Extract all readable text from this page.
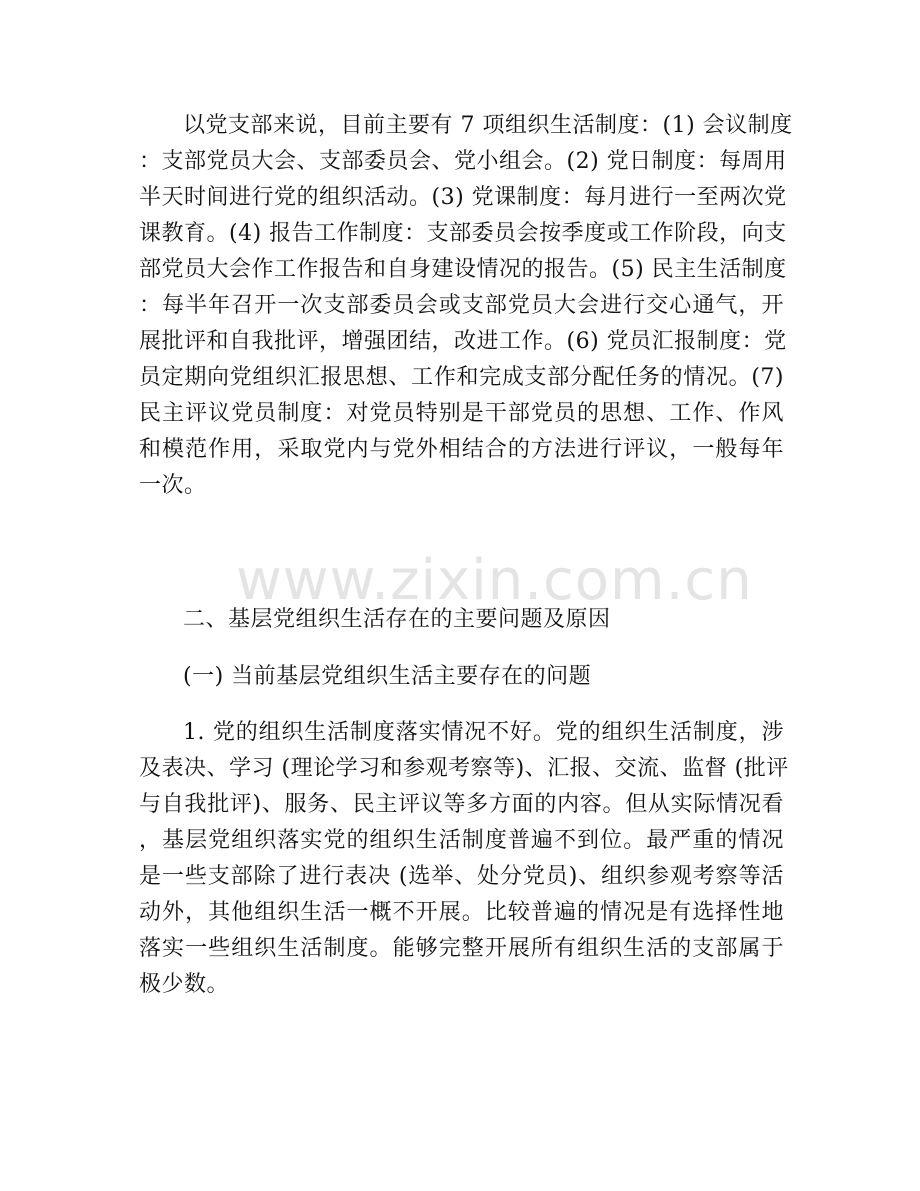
www.zixin.com.cn
以党支部来说，目前主要有 7 项组织生活制度：(1) 会议制度
：支部党员大会、支部委员会、党小组会。(2) 党日制度：每周用
半天时间进行党的组织活动。(3) 党课制度：每月进行一至两次党
课教育。(4) 报告工作制度：支部委员会按季度或工作阶段，向支
部党员大会作工作报告和自身建设情况的报告。(5) 民主生活制度
：每半年召开一次支部委员会或支部党员大会进行交心通气，开
展批评和自我批评，增强团结，改进工作。(6) 党员汇报制度：党
员定期向党组织汇报思想、工作和完成支部分配任务的情况。(7)
民主评议党员制度：对党员特别是干部党员的思想、工作、作风
和模范作用，采取党内与党外相结合的方法进行评议，一般每年
一次。
二、基层党组织生活存在的主要问题及原因
(一) 当前基层党组织生活主要存在的问题
1. 党的组织生活制度落实情况不好。党的组织生活制度，涉
及表决、学习 (理论学习和参观考察等)、汇报、交流、监督 (批评
与自我批评)、服务、民主评议等多方面的内容。但从实际情况看
，基层党组织落实党的组织生活制度普遍不到位。最严重的情况
是一些支部除了进行表决 (选举、处分党员)、组织参观考察等活
动外，其他组织生活一概不开展。比较普遍的情况是有选择性地
落实一些组织生活制度。能够完整开展所有组织生活的支部属于
极少数。
